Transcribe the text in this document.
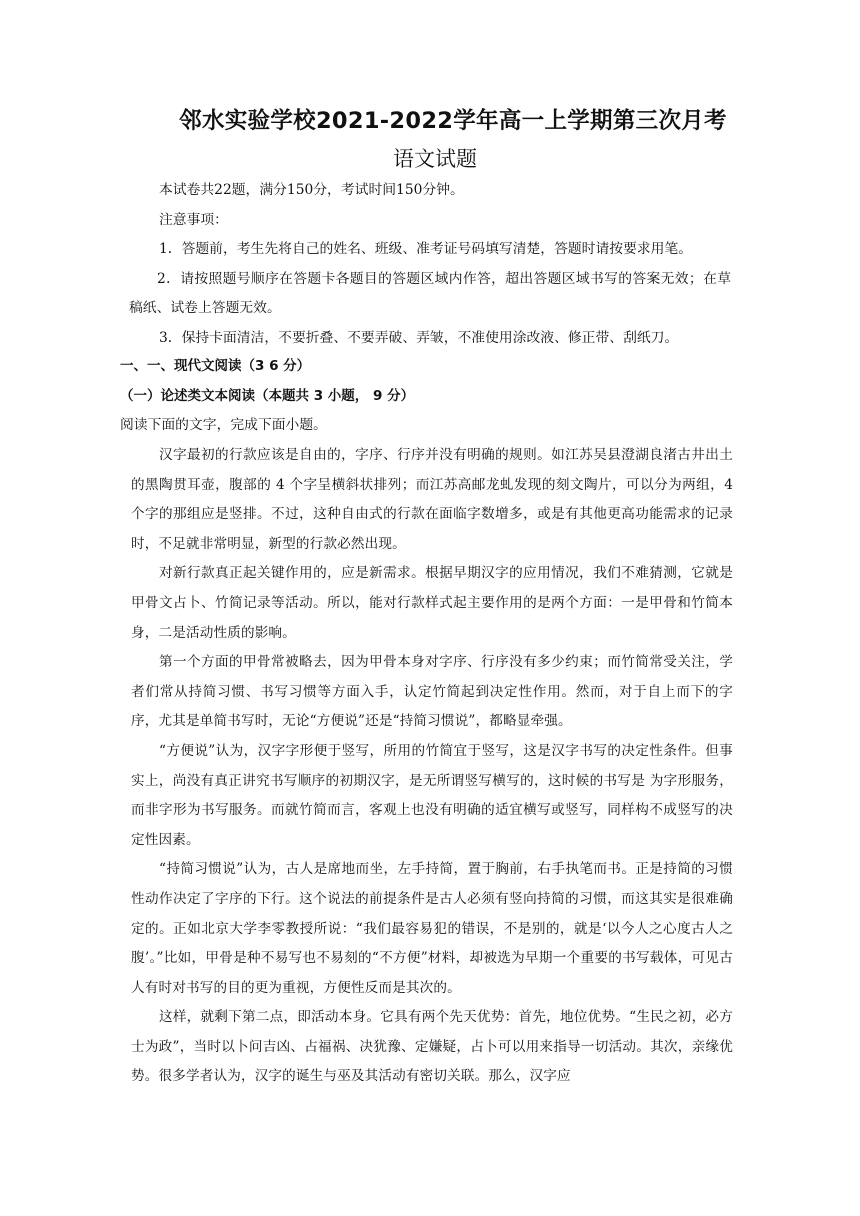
邻水实验学校2021-2022学年高一上学期第三次月考
语文试题

本试卷共22题，满分150分，考试时间150分钟。

注意事项：

1．答题前，考生先将自己的姓名、班级、准考证号码填写清楚，答题时请按要求用笔。

2．请按照题号顺序在答题卡各题目的答题区域内作答，超出答题区域书写的答案无效；在草稿纸、试卷上答题无效。

3．保持卡面清洁，不要折叠、不要弄破、弄皱，不准使用涂改液、修正带、刮纸刀。

一、一、现代文阅读（3 6 分）

（一）论述类文本阅读（本题共 3 小题， 9 分）

阅读下面的文字，完成下面小题。

汉字最初的行款应该是自由的，字序、行序并没有明确的规则。如江苏吴县澄湖良渚古井出土的黑陶贯耳壶，腹部的 4 个字呈横斜状排列；而江苏高邮龙虬发现的刻文陶片，可以分为两组，4个字的那组应是竖排。不过，这种自由式的行款在面临字数增多，或是有其他更高功能需求的记录时，不足就非常明显，新型的行款必然出现。

对新行款真正起关键作用的，应是新需求。根据早期汉字的应用情况，我们不难猜测，它就是甲骨文占卜、竹简记录等活动。所以，能对行款样式起主要作用的是两个方面：一是甲骨和竹简本身，二是活动性质的影响。

第一个方面的甲骨常被略去，因为甲骨本身对字序、行序没有多少约束；而竹简常受关注，学者们常从持简习惯、书写习惯等方面入手，认定竹简起到决定性作用。然而，对于自上而下的字序，尤其是单简书写时，无论“方便说”还是“持简习惯说”，都略显牵强。

“方便说”认为，汉字字形便于竖写，所用的竹简宜于竖写，这是汉字书写的决定性条件。但事实上，尚没有真正讲究书写顺序的初期汉字，是无所谓竖写横写的，这时候的书写是 为字形服务，而非字形为书写服务。而就竹简而言，客观上也没有明确的适宜横写或竖写，同样构不成竖写的决定性因素。

“持简习惯说”认为，古人是席地而坐，左手持简，置于胸前，右手执笔而书。正是持简的习惯性动作决定了字序的下行。这个说法的前提条件是古人必须有竖向持简的习惯，而这其实是很难确定的。正如北京大学李零教授所说：“我们最容易犯的错误，不是别的，就是‘以今人之心度古人之腹’。”比如，甲骨是种不易写也不易刻的“不方便”材料，却被选为早期一个重要的书写载体，可见古人有时对书写的目的更为重视，方便性反而是其次的。

这样，就剩下第二点，即活动本身。它具有两个先天优势：首先，地位优势。“生民之初，必方士为政”，当时以卜问吉凶、占福祸、决犹豫、定嫌疑，占卜可以用来指导一切活动。其次，亲缘优势。很多学者认为，汉字的诞生与巫及其活动有密切关联。那么，汉字应
